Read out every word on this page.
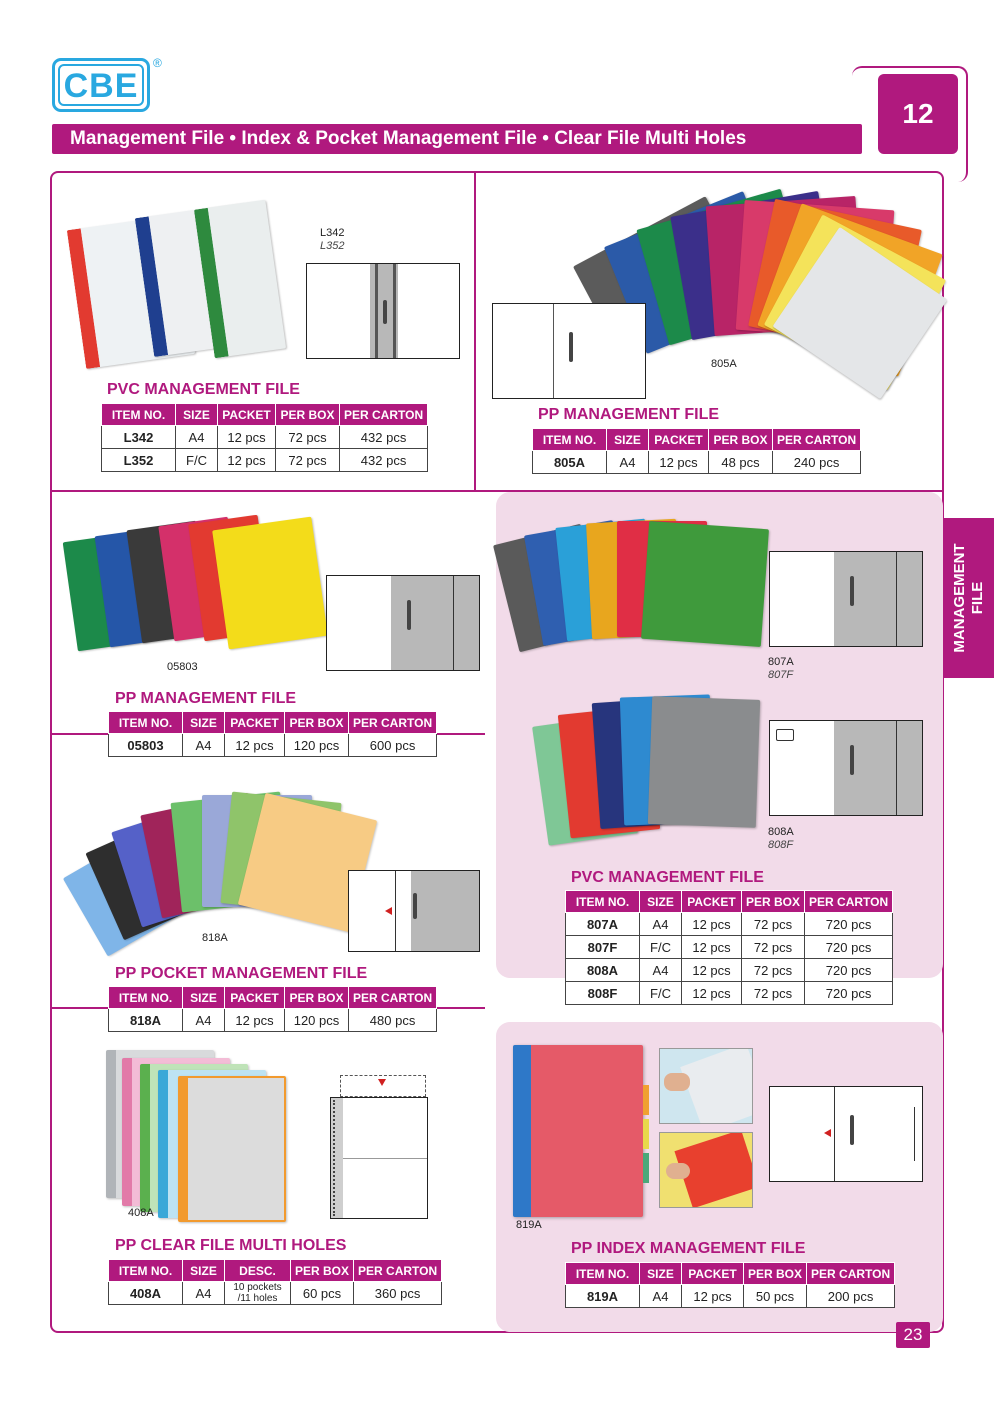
CBE
®
Management File • Index & Pocket Management File • Clear File Multi Holes
12
MANAGEMENT FILE
23
L342
L352
PVC MANAGEMENT FILE
ITEM NO.	SIZE	PACKET	PER BOX	PER CARTON
L342	A4	12 pcs	72 pcs	432 pcs
L352	F/C	12 pcs	72 pcs	432 pcs
805A
PP MANAGEMENT FILE
ITEM NO.	SIZE	PACKET	PER BOX	PER CARTON
805A	A4	12 pcs	48 pcs	240 pcs
05803
PP MANAGEMENT FILE
ITEM NO.	SIZE	PACKET	PER BOX	PER CARTON
05803	A4	12 pcs	120 pcs	600 pcs
807A
807F
808A
808F
PVC MANAGEMENT FILE
ITEM NO.	SIZE	PACKET	PER BOX	PER CARTON
807A	A4	12 pcs	72 pcs	720 pcs
807F	F/C	12 pcs	72 pcs	720 pcs
808A	A4	12 pcs	72 pcs	720 pcs
808F	F/C	12 pcs	72 pcs	720 pcs
818A
PP POCKET MANAGEMENT FILE
ITEM NO.	SIZE	PACKET	PER BOX	PER CARTON
818A	A4	12 pcs	120 pcs	480 pcs
408A
PP CLEAR FILE MULTI HOLES
ITEM NO.	SIZE	DESC.	PER BOX	PER CARTON
408A	A4	10 pockets /11 holes	60 pcs	360 pcs
819A
PP INDEX MANAGEMENT FILE
ITEM NO.	SIZE	PACKET	PER BOX	PER CARTON
819A	A4	12 pcs	50 pcs	200 pcs
